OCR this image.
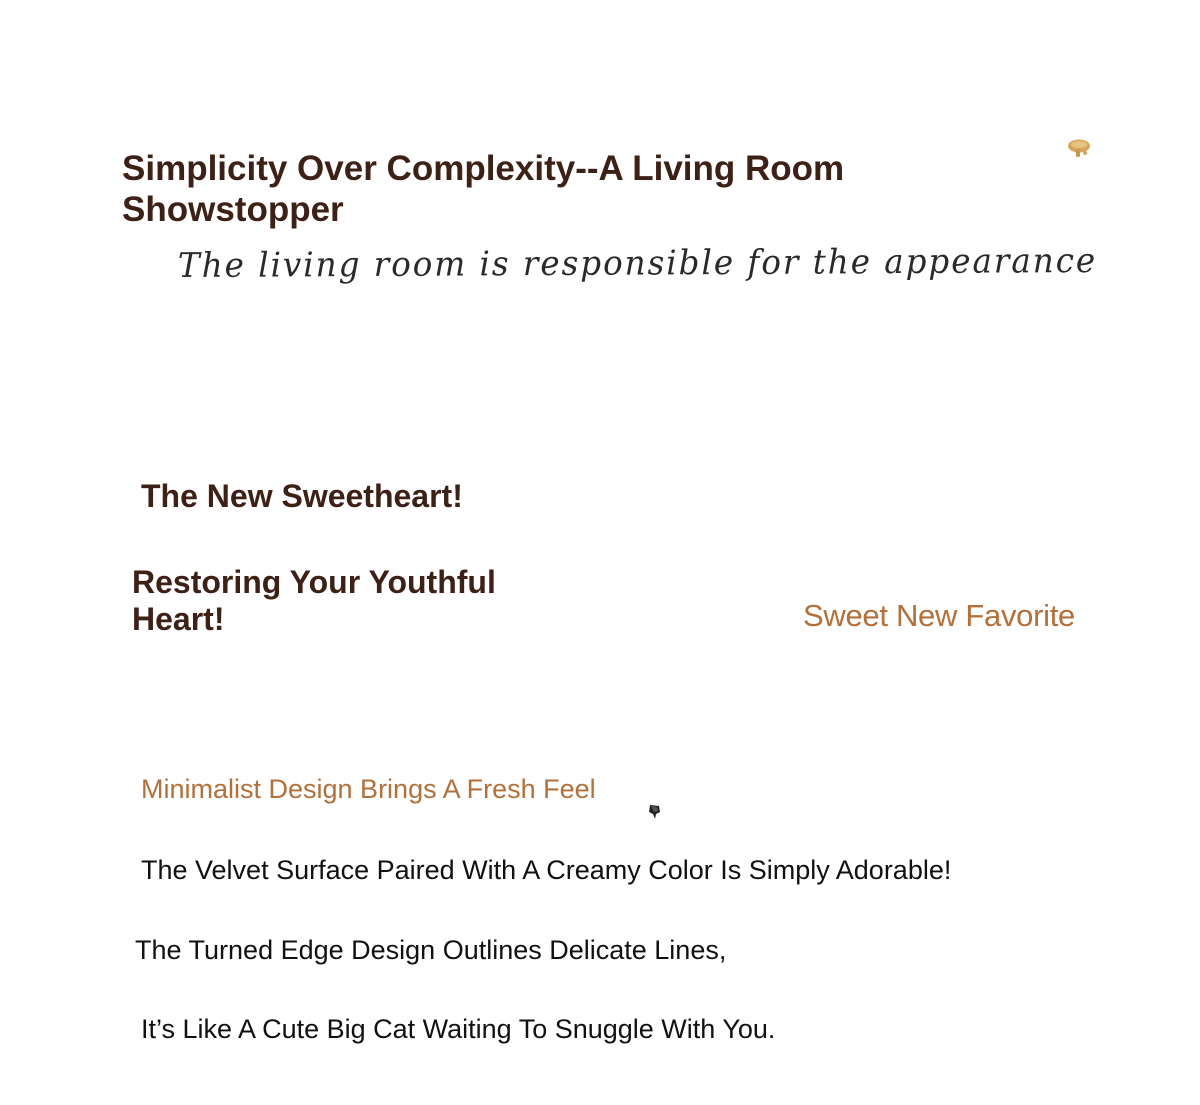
Simplicity Over Complexity--A Living Room Showstopper
The living room is responsible for the appearance
The New Sweetheart!
Restoring Your Youthful Heart!	Sweet New Favorite
Minimalist Design Brings A Fresh Feel

The Velvet Surface Paired With A Creamy Color Is Simply Adorable!

The Turned Edge Design Outlines Delicate Lines,

It’s Like A Cute Big Cat Waiting To Snuggle With You.
